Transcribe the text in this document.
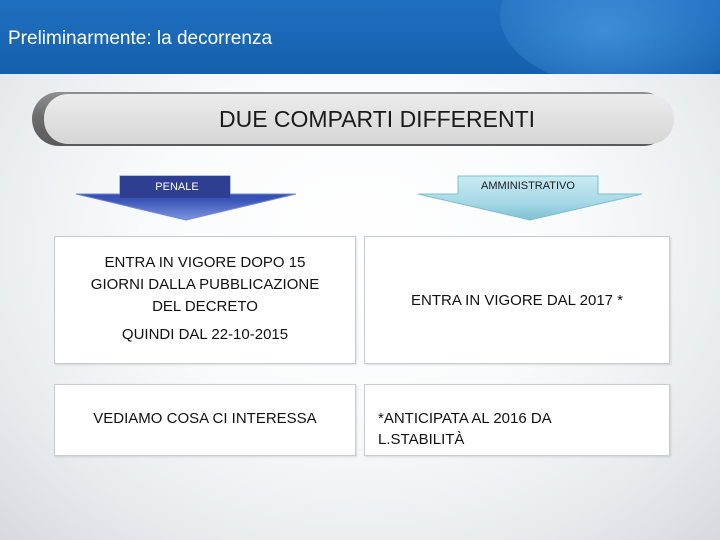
Preliminarmente: la decorrenza
DUE COMPARTI DIFFERENTI
PENALE	AMMINISTRATIVO
ENTRA IN VIGORE DOPO 15
GIORNI DALLA PUBBLICAZIONE
DEL DECRETO
QUINDI DAL 22-10-2015
VEDIAMO COSA CI INTERESSA
ENTRA IN VIGORE DAL 2017 *
*ANTICIPATA AL 2016 DA
L.STABILITÀ
